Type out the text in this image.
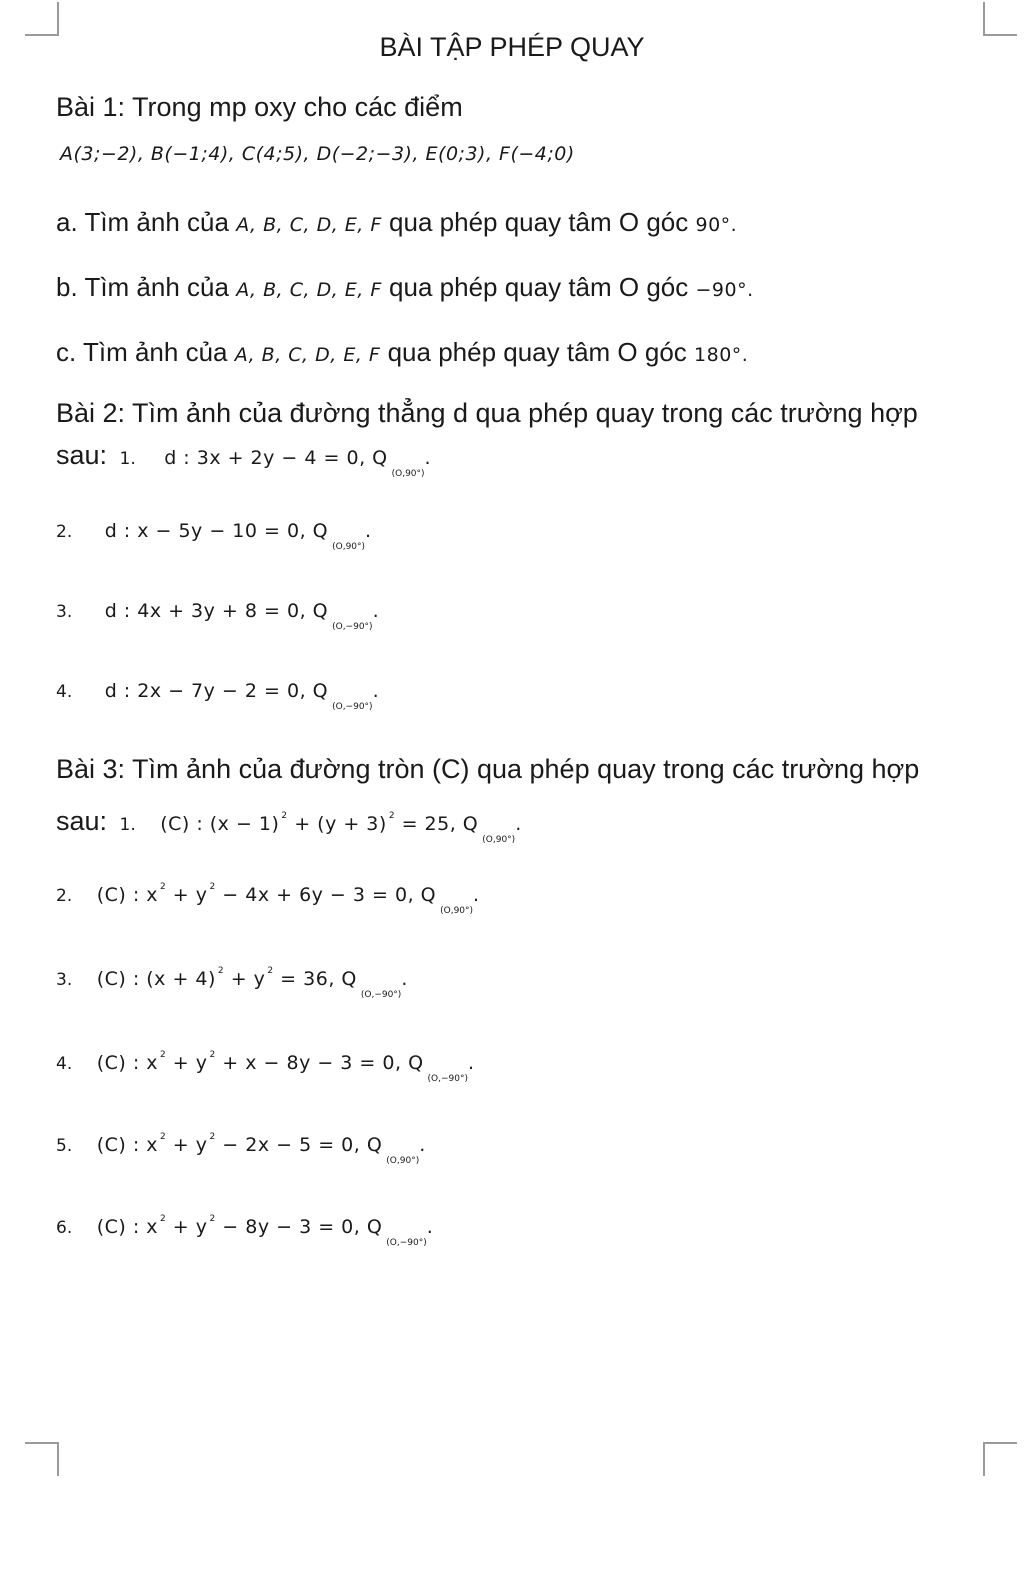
BÀI TẬP PHÉP QUAY
Bài 1: Trong mp oxy cho các điểm
A(3;−2), B(−1;4), C(4;5), D(−2;−3), E(0;3), F(−4;0)
a. Tìm ảnh của A, B, C, D, E, F qua phép quay tâm O góc 90°.
b. Tìm ảnh của A, B, C, D, E, F qua phép quay tâm O góc −90°.
c. Tìm ảnh của A, B, C, D, E, F qua phép quay tâm O góc 180°.
Bài 2: Tìm ảnh của đường thẳng d qua phép quay trong các trường hợp
sau: 1. d : 3x + 2y − 4 = 0, $Q_{(O,90^\circ)}$.
2. d : x − 5y − 10 = 0, $Q_{(O,90^\circ)}$.
3. d : 4x + 3y + 8 = 0, $Q_{(O,-90^\circ)}$.
4. d : 2x − 7y − 2 = 0, $Q_{(O,-90^\circ)}$.
Bài 3: Tìm ảnh của đường tròn (C) qua phép quay trong các trường hợp
sau: 1. (C) : (x − 1) $^2$ + (y + 3) $^2$ = 25, $Q_{(O,90^\circ)}$.
2. (C) : x $^2$ + y $^2$ − 4x + 6y − 3 = 0, $Q_{(O,90^\circ)}$.
3. (C) : (x + 4) $^2$ + y $^2$ = 36, $Q_{(O,-90^\circ)}$.
4. (C) : x $^2$ + y $^2$ + x − 8y − 3 = 0, $Q_{(O,-90^\circ)}$.
5. (C) : x $^2$ + y $^2$ − 2x − 5 = 0, $Q_{(O,90^\circ)}$.
6. (C) : x $^2$ + y $^2$ − 8y − 3 = 0, $Q_{(O,-90^\circ)}$.
